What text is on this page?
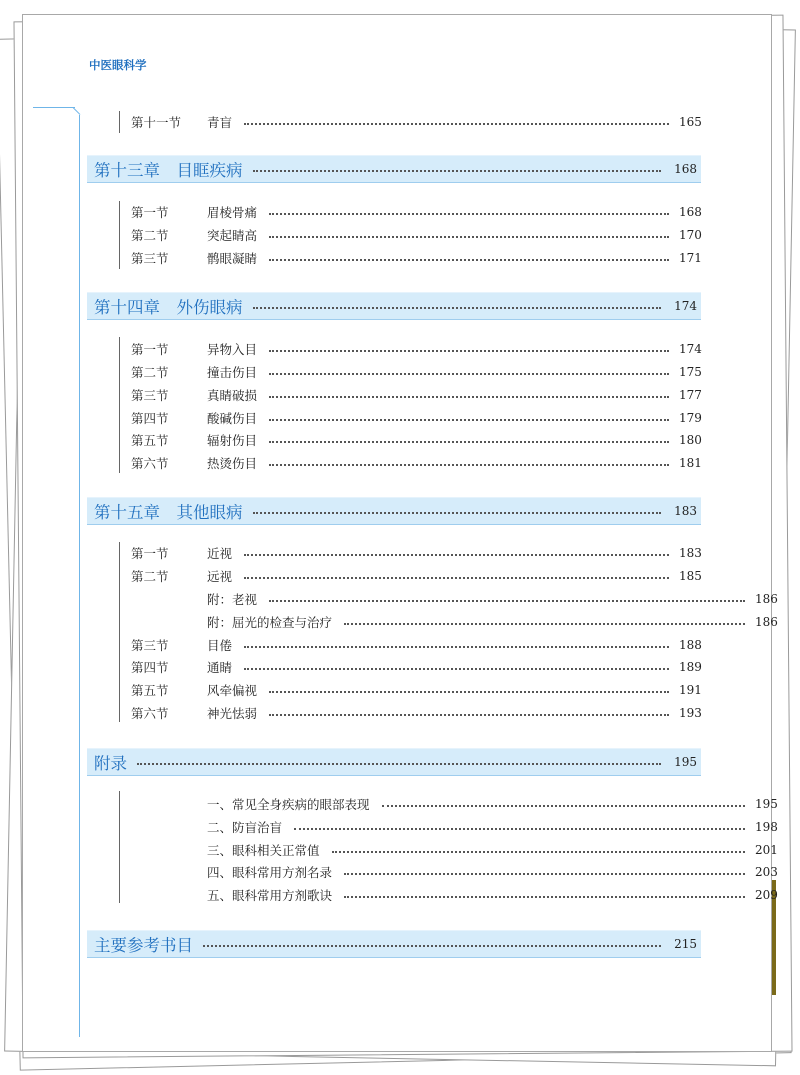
中医眼科学
第十一节	青盲	165
第十三章　目眶疾病	168
第一节	眉棱骨痛	168
第二节	突起睛高	170
第三节	鹘眼凝睛	171
第十四章　外伤眼病	174
第一节	异物入目	174
第二节	撞击伤目	175
第三节	真睛破损	177
第四节	酸碱伤目	179
第五节	辐射伤目	180
第六节	热烫伤目	181
第十五章　其他眼病	183
第一节	近视	183
第二节	远视	185
附：老视	186
附：屈光的检查与治疗	186
第三节	目倦	188
第四节	通睛	189
第五节	风牵偏视	191
第六节	神光怯弱	193
附录	195
一、常见全身疾病的眼部表现	195
二、防盲治盲	198
三、眼科相关正常值	201
四、眼科常用方剂名录	203
五、眼科常用方剂歌诀	209
主要参考书目	215
